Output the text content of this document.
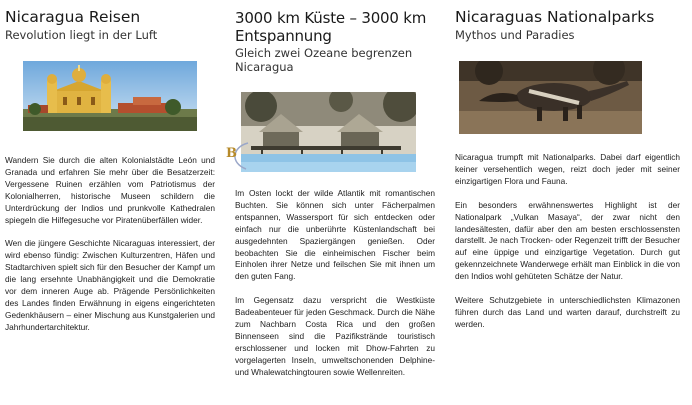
Nicaragua Reisen
Revolution liegt in der Luft

Wandern Sie durch die alten Kolonialstädte León und Granada und erfahren Sie mehr über die Besatzerzeit: Vergessene Ruinen erzählen vom Patriotismus der Kolonialherren, historische Museen schildern die Unterdrückung der Indios und prunkvolle Kathedralen spiegeln die Hilfegesuche vor Piratenüberfällen wider.

Wen die jüngere Geschichte Nicaraguas interessiert, der wird ebenso fündig: Zwischen Kulturzentren, Häfen und Stadtarchiven spielt sich für den Besucher der Kampf um die lang ersehnte Unabhängigkeit und die Demokratie vor dem inneren Auge ab. Prägende Persönlichkeiten des Landes finden Erwähnung in eigens eingerichteten Gedenkhäusern – einer Mischung aus Kunstgalerien und Jahrhundertarchitektur.

3000 km Küste – 3000 km Entspannung
Gleich zwei Ozeane begrenzen Nicaragua
B

Im Osten lockt der wilde Atlantik mit romantischen Buchten. Sie können sich unter Fächerpalmen entspannen, Wassersport für sich entdecken oder einfach nur die unberührte Küstenlandschaft bei ausgedehnten Spaziergängen genießen. Oder beobachten Sie die einheimischen Fischer beim Einholen ihrer Netze und feilschen Sie mit ihnen um den guten Fang.

Im Gegensatz dazu verspricht die Westküste Badeabenteuer für jeden Geschmack. Durch die Nähe zum Nachbarn Costa Rica und den großen Binnenseen sind die Pazifikstrände touristisch erschlossener und locken mit Dhow-Fahrten zu vorgelagerten Inseln, umweltschonenden Delphine- und Whalewatchingtouren sowie Wellenreiten.

Nicaraguas Nationalparks
Mythos und Paradies

Nicaragua trumpft mit Nationalparks. Dabei darf eigentlich keiner versehentlich wegen, reizt doch jeder mit seiner einzigartigen Flora und Fauna.

Ein besonders erwähnenswertes Highlight ist der Nationalpark „Vulkan Masaya“, der zwar nicht den landesältesten, dafür aber den am besten erschlossensten darstellt. Je nach Trocken- oder Regenzeit trifft der Besucher auf eine üppige und einzigartige Vegetation. Durch gut gekennzeichnete Wanderwege erhält man Einblick in die von den Indios wohl gehüteten Schätze der Natur.

Weitere Schutzgebiete in unterschiedlichsten Klimazonen führen durch das Land und warten darauf, durchstreift zu werden.
